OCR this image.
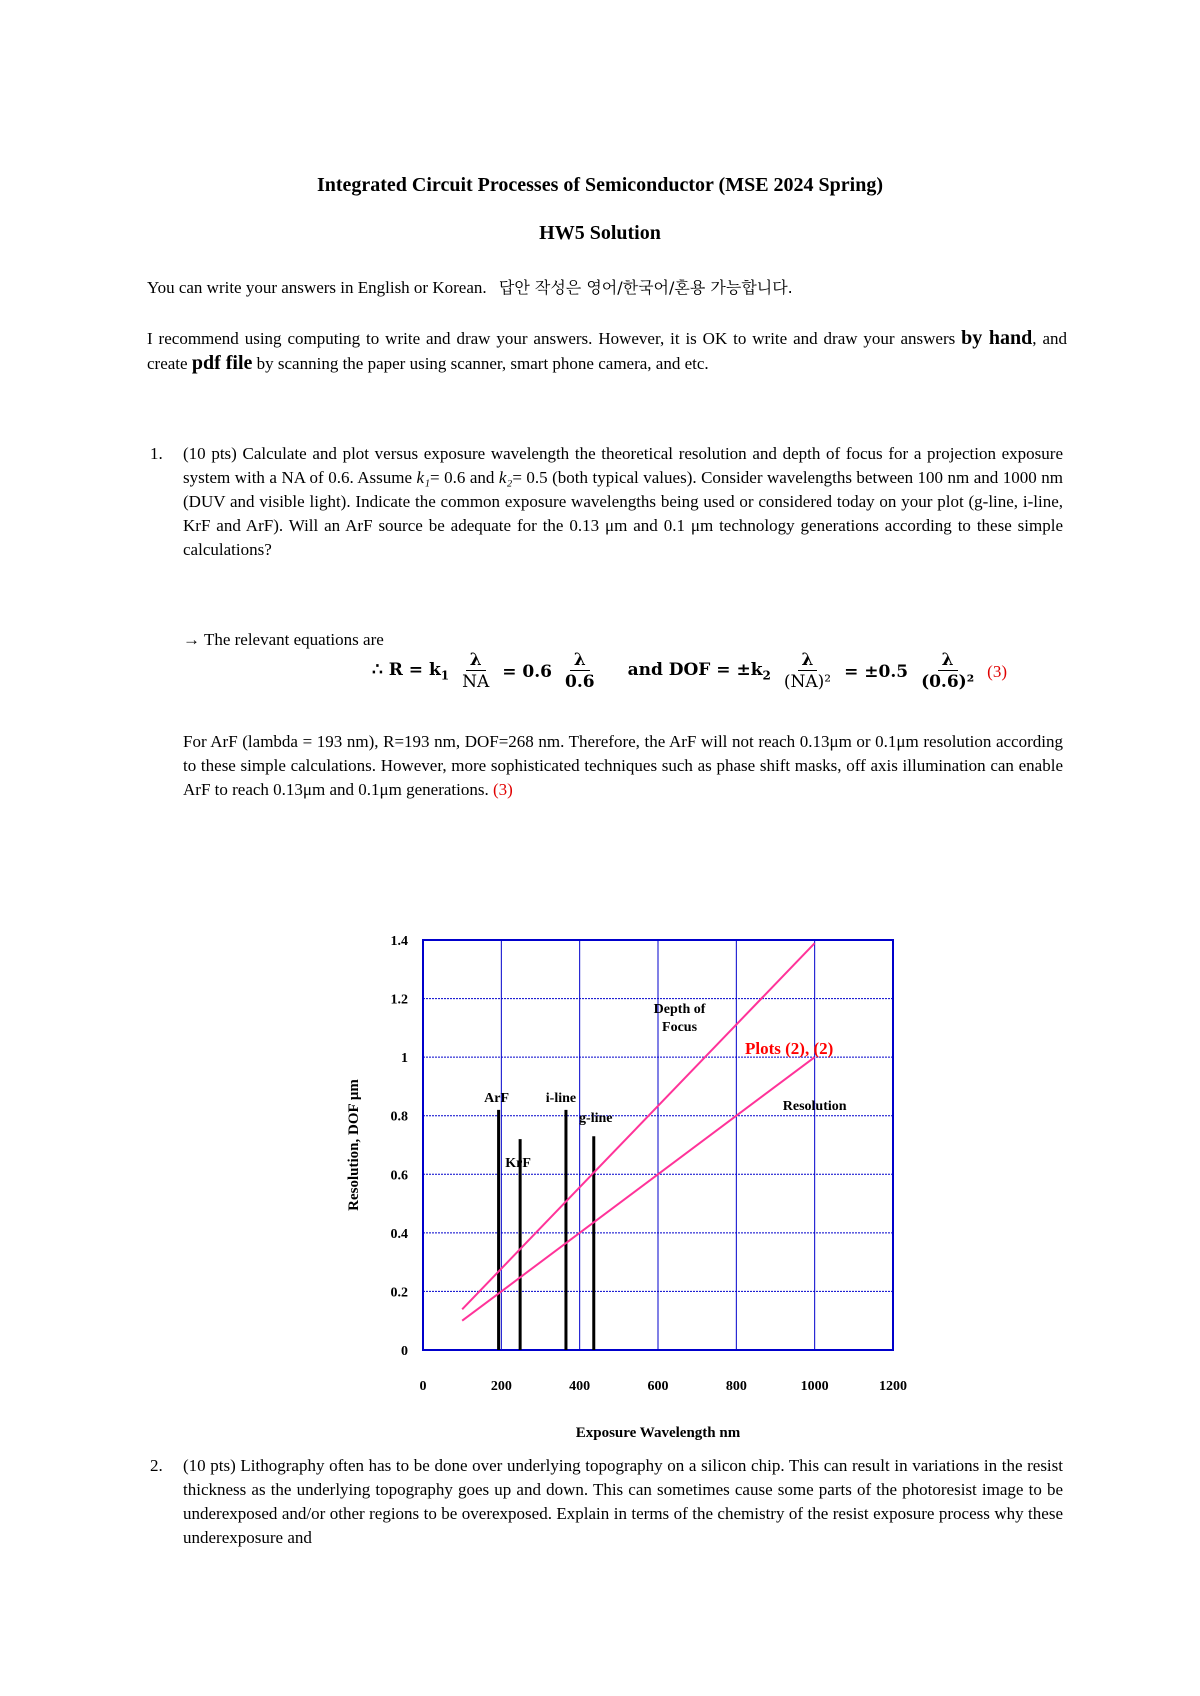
Integrated Circuit Processes of Semiconductor (MSE 2024 Spring)
HW5 Solution
You can write your answers in English or Korean. 답안 작성은 영어/한국어/혼용 가능합니다.
I recommend using computing to write and draw your answers. However, it is OK to write and draw your answers by hand, and create pdf file by scanning the paper using scanner, smart phone camera, and etc.
1. (10 pts) Calculate and plot versus exposure wavelength the theoretical resolution and depth of focus for a projection exposure system with a NA of 0.6. Assume k₁= 0.6 and k₂= 0.5 (both typical values). Consider wavelengths between 100 nm and 1000 nm (DUV and visible light). Indicate the common exposure wavelengths being used or considered today on your plot (g-line, i-line, KrF and ArF). Will an ArF source be adequate for the 0.13 μm and 0.1 μm technology generations according to these simple calculations?
→ The relevant equations are
∴ $R = k_1 \frac{\lambda}{NA} = 0.6 \frac{\lambda}{0.6}$ and DOF = $\pm k_2 \frac{\lambda}{\text{(NA)²}} = \pm 0.5 \frac{\lambda}{\text{(0.6)²}} (3)$
For ArF (lambda = 193 nm), R=193 nm, DOF=268 nm. Therefore, the ArF will not reach 0.13μm or 0.1μm resolution according to these simple calculations. However, more sophisticated techniques such as phase shift masks, off axis illumination can enable ArF to reach 0.13μm and 0.1μm generations. (3)
0	200	400	600	800	1000	1200
0
0.2
0.4
0.6
0.8
1
1.2
1.4
ArF
KrF
i-line
g-line
Depth of Focus
Resolution
Exposure Wavelength nm
Resolution, DOF μm
Plots (2), (2)
2. (10 pts) Lithography often has to be done over underlying topography on a silicon chip. This can result in variations in the resist thickness as the underlying topography goes up and down. This can sometimes cause some parts of the photoresist image to be underexposed and/or other regions to be overexposed. Explain in terms of the chemistry of the resist exposure process why these underexposure and
